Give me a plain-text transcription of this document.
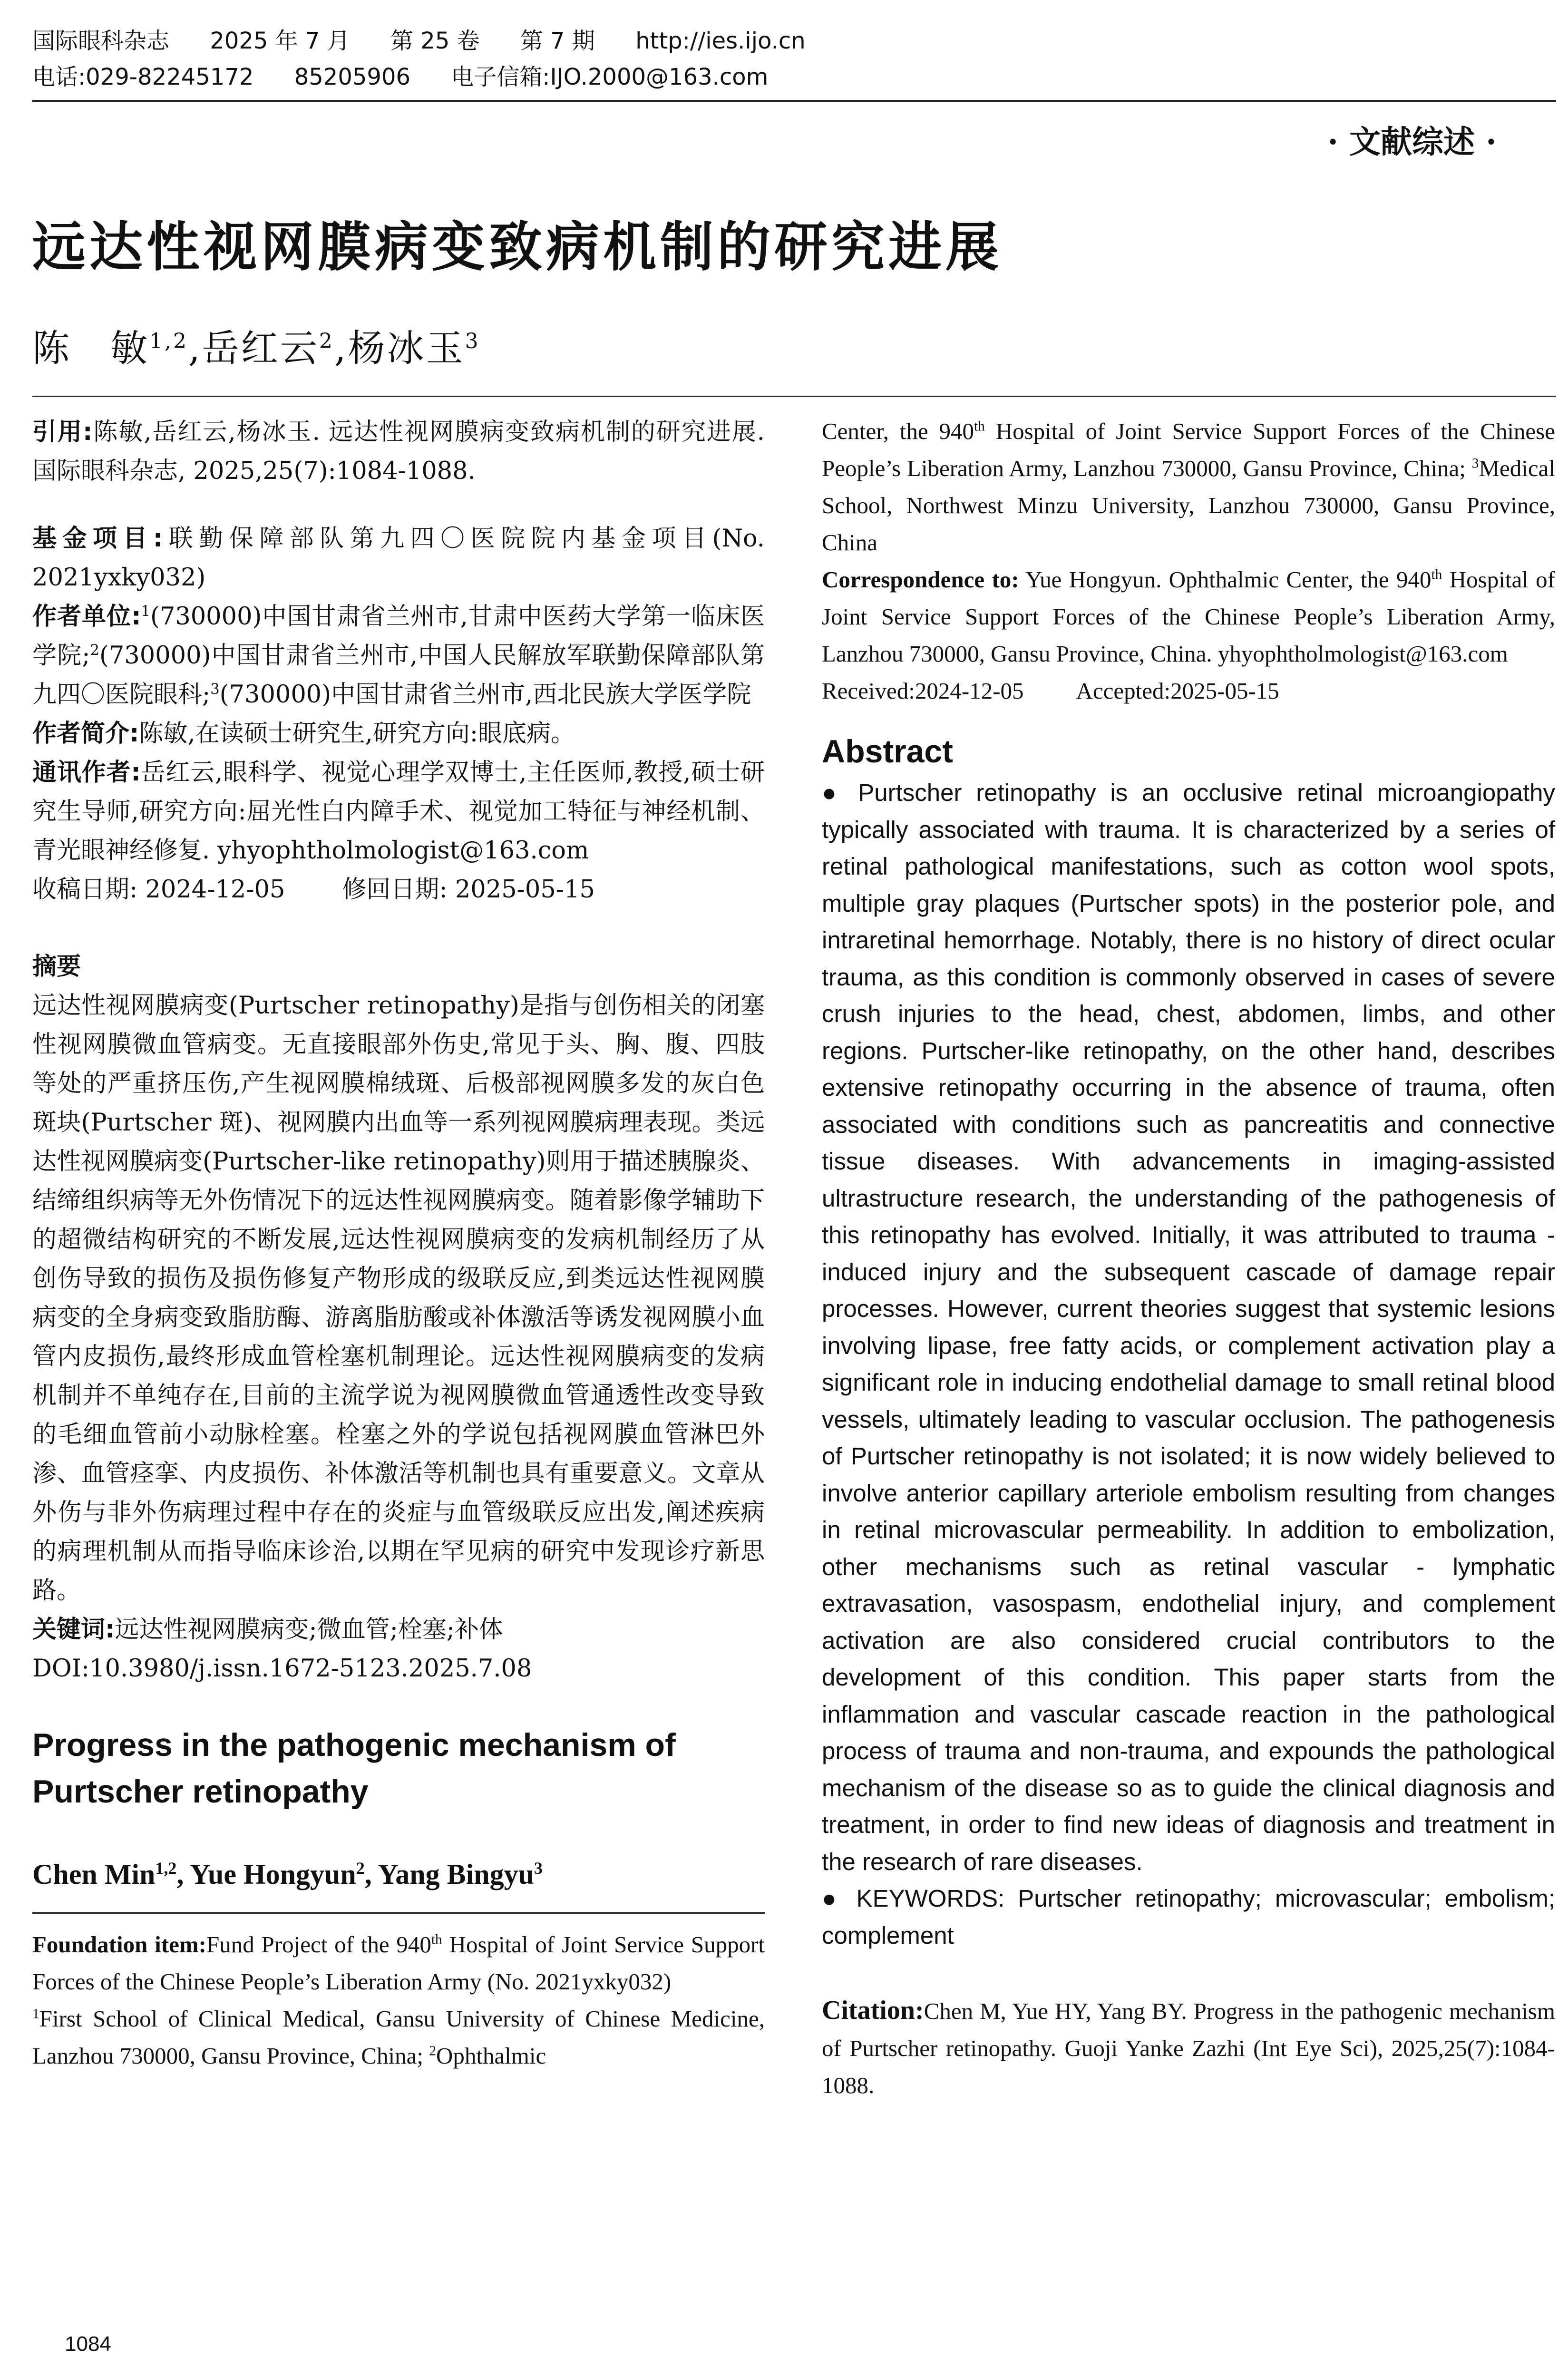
国际眼科杂志 2025 年 7 月 第 25 卷 第 7 期 http://ies.ijo.cn
电话:029-82245172 85205906 电子信箱:IJO.2000@163.com
· 文献综述 ·
远达性视网膜病变致病机制的研究进展
陈　敏$^{1,2}$,岳红云$^2$,杨冰玉$^3$

引用:陈敏,岳红云,杨冰玉. 远达性视网膜病变致病机制的研究进展. 国际眼科杂志, 2025,25(7):1084-1088.

基金项目:联勤保障部队第九四〇医院院内基金项目(No. 2021yxky032)

作者单位:$^1$(730000)中国甘肃省兰州市,甘肃中医药大学第一临床医学院;$^2$(730000)中国甘肃省兰州市,中国人民解放军联勤保障部队第九四〇医院眼科;$^3$(730000)中国甘肃省兰州市,西北民族大学医学院

作者简介:陈敏,在读硕士研究生,研究方向:眼底病。

通讯作者:岳红云,眼科学、视觉心理学双博士,主任医师,教授,硕士研究生导师,研究方向:屈光性白内障手术、视觉加工特征与神经机制、青光眼神经修复. yhyophtholmologist@163.com

收稿日期: 2024-12-05 修回日期: 2025-05-15

摘要

远达性视网膜病变(Purtscher retinopathy)是指与创伤相关的闭塞性视网膜微血管病变。无直接眼部外伤史,常见于头、胸、腹、四肢等处的严重挤压伤,产生视网膜棉绒斑、后极部视网膜多发的灰白色斑块(Purtscher 斑)、视网膜内出血等一系列视网膜病理表现。类远达性视网膜病变(Purtscher-like retinopathy)则用于描述胰腺炎、结缔组织病等无外伤情况下的远达性视网膜病变。随着影像学辅助下的超微结构研究的不断发展,远达性视网膜病变的发病机制经历了从创伤导致的损伤及损伤修复产物形成的级联反应,到类远达性视网膜病变的全身病变致脂肪酶、游离脂肪酸或补体激活等诱发视网膜小血管内皮损伤,最终形成血管栓塞机制理论。远达性视网膜病变的发病机制并不单纯存在,目前的主流学说为视网膜微血管通透性改变导致的毛细血管前小动脉栓塞。栓塞之外的学说包括视网膜血管淋巴外渗、血管痉挛、内皮损伤、补体激活等机制也具有重要意义。文章从外伤与非外伤病理过程中存在的炎症与血管级联反应出发,阐述疾病的病理机制从而指导临床诊治,以期在罕见病的研究中发现诊疗新思路。

关键词:远达性视网膜病变;微血管;栓塞;补体

DOI:10.3980/j.issn.1672-5123.2025.7.08

Progress in the pathogenic mechanism of Purtscher retinopathy

Chen Min$^{1,2}$, Yue Hongyun$^2$, Yang Bingyu$^3$

Foundation item:Fund Project of the 940th Hospital of Joint Service Support Forces of the Chinese People’s Liberation Army (No. 2021yxky032)

$^1$First School of Clinical Medical, Gansu University of Chinese Medicine, Lanzhou 730000, Gansu Province, China; $^2$Ophthalmic

Center, the 940th Hospital of Joint Service Support Forces of the Chinese People’s Liberation Army, Lanzhou 730000, Gansu Province, China; $^3$Medical School, Northwest Minzu University, Lanzhou 730000, Gansu Province, China

Correspondence to: Yue Hongyun. Ophthalmic Center, the 940th Hospital of Joint Service Support Forces of the Chinese People’s Liberation Army, Lanzhou 730000, Gansu Province, China. yhyophtholmologist@163.com

Received:2024-12-05 Accepted:2025-05-15

Abstract

● Purtscher retinopathy is an occlusive retinal microangiopathy typically associated with trauma. It is characterized by a series of retinal pathological manifestations, such as cotton wool spots, multiple gray plaques (Purtscher spots) in the posterior pole, and intraretinal hemorrhage. Notably, there is no history of direct ocular trauma, as this condition is commonly observed in cases of severe crush injuries to the head, chest, abdomen, limbs, and other regions. Purtscher-like retinopathy, on the other hand, describes extensive retinopathy occurring in the absence of trauma, often associated with conditions such as pancreatitis and connective tissue diseases. With advancements in imaging-assisted ultrastructure research, the understanding of the pathogenesis of this retinopathy has evolved. Initially, it was attributed to trauma - induced injury and the subsequent cascade of damage repair processes. However, current theories suggest that systemic lesions involving lipase, free fatty acids, or complement activation play a significant role in inducing endothelial damage to small retinal blood vessels, ultimately leading to vascular occlusion. The pathogenesis of Purtscher retinopathy is not isolated; it is now widely believed to involve anterior capillary arteriole embolism resulting from changes in retinal microvascular permeability. In addition to embolization, other mechanisms such as retinal vascular - lymphatic extravasation, vasospasm, endothelial injury, and complement activation are also considered crucial contributors to the development of this condition. This paper starts from the inflammation and vascular cascade reaction in the pathological process of trauma and non-trauma, and expounds the pathological mechanism of the disease so as to guide the clinical diagnosis and treatment, in order to find new ideas of diagnosis and treatment in the research of rare diseases.

● KEYWORDS: Purtscher retinopathy; microvascular; embolism; complement

Citation:Chen M, Yue HY, Yang BY. Progress in the pathogenic mechanism of Purtscher retinopathy. Guoji Yanke Zazhi (Int Eye Sci), 2025,25(7):1084-1088.

1084
